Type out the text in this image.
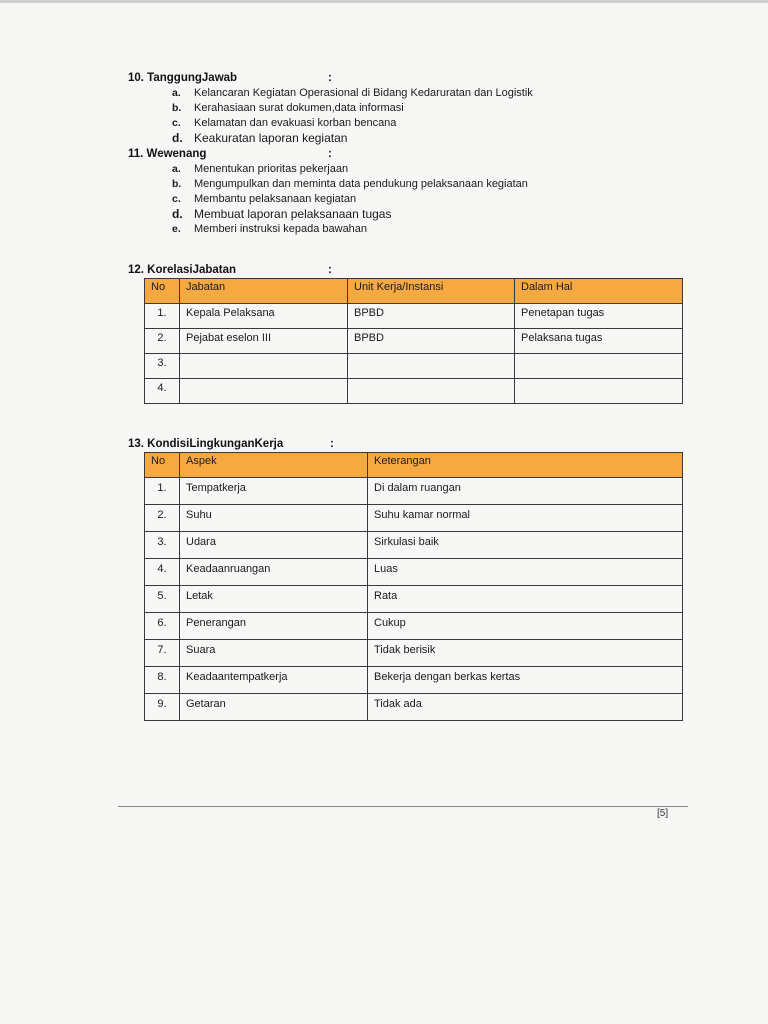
10. TanggungJawab	:
a.	Kelancaran Kegiatan Operasional di Bidang Kedaruratan dan Logistik
b.	Kerahasiaan surat dokumen,data informasi
c.	Kelamatan dan evakuasi korban bencana
d. Keakuratan laporan kegiatan
11. Wewenang	:
a.	Menentukan prioritas pekerjaan
b.	Mengumpulkan dan meminta data pendukung pelaksanaan kegiatan
c.	Membantu pelaksanaan kegiatan
d. Membuat laporan pelaksanaan tugas
e.	Memberi instruksi kepada bawahan
12. KorelasiJabatan	:
No	Jabatan	Unit Kerja/Instansi	Dalam Hal
1.	Kepala Pelaksana	BPBD	Penetapan tugas
2.	Pejabat eselon III	BPBD	Pelaksana tugas
3.			
4.			
13. KondisiLingkunganKerja	:
No	Aspek	Keterangan
1.	Tempatkerja	Di dalam ruangan
2.	Suhu	Suhu kamar normal
3.	Udara	Sirkulasi baik
4.	Keadaanruangan	Luas
5.	Letak	Rata
6.	Penerangan	Cukup
7.	Suara	Tidak berisik
8.	Keadaantempatkerja	Bekerja dengan berkas kertas
9.	Getaran	Tidak ada
[5]
